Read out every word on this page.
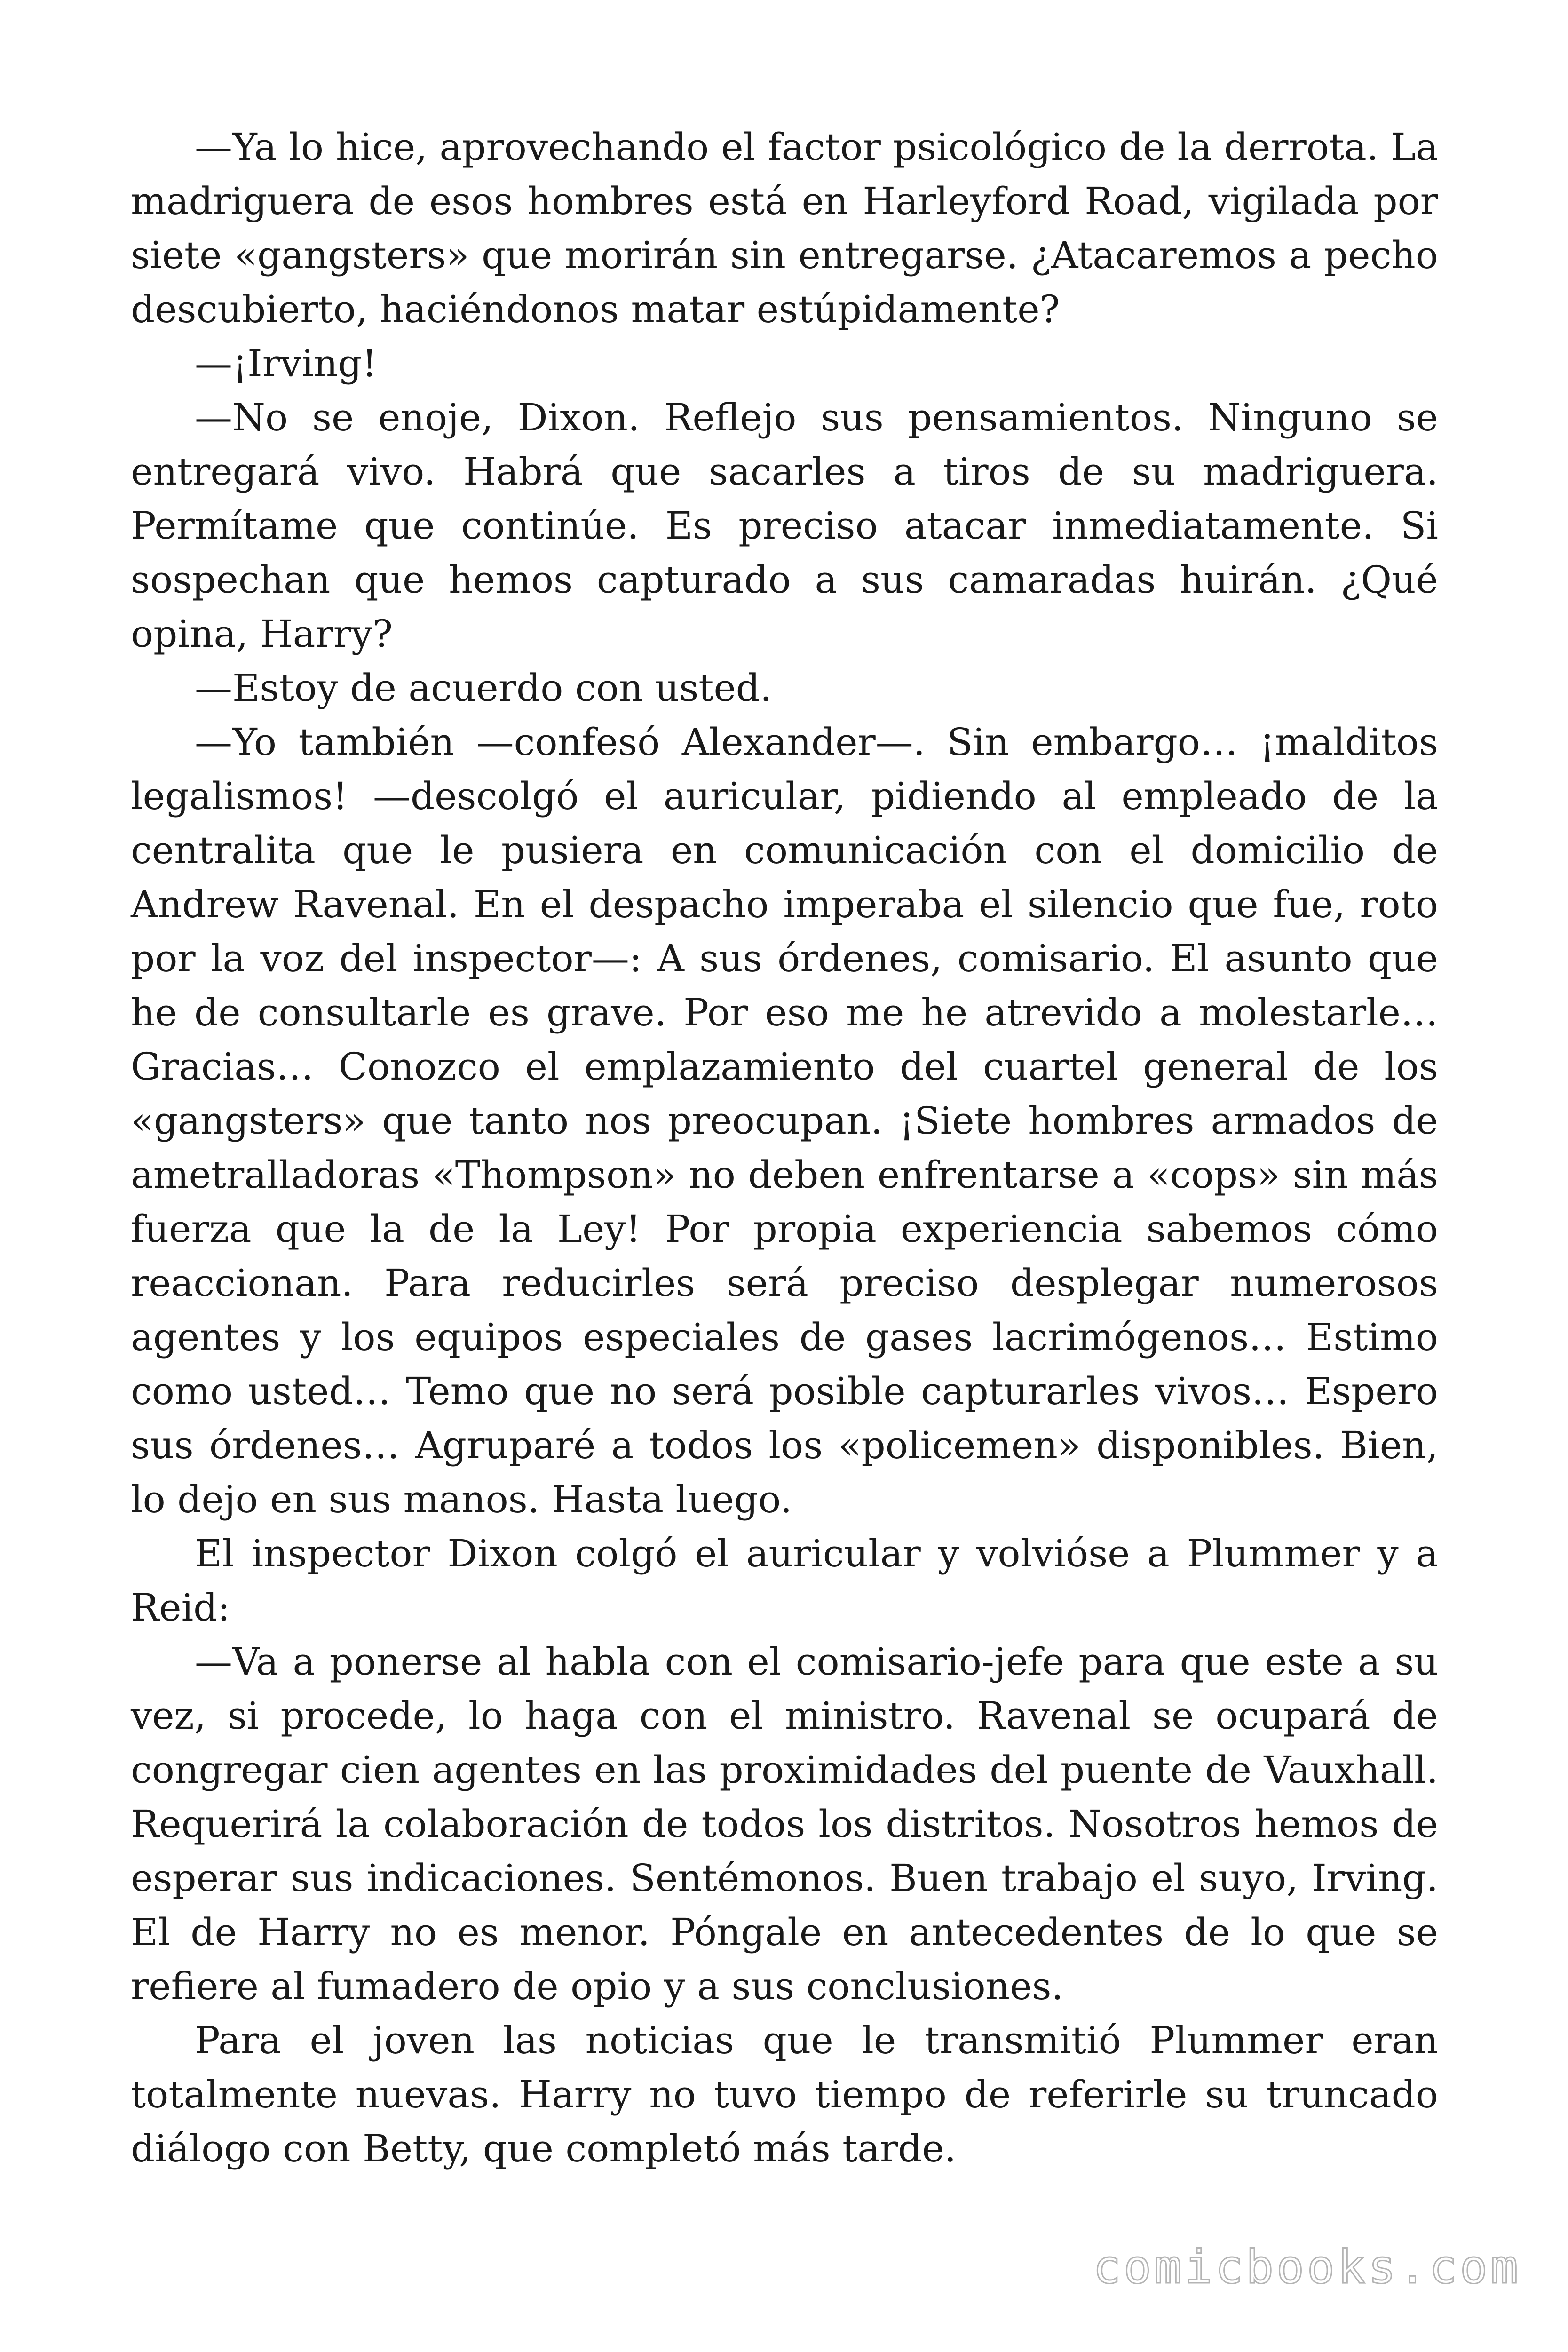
—Ya lo hice, aprovechando el factor psicológico de la derrota. La madriguera de esos hombres está en Harleyford Road, vigilada por siete «gangsters» que morirán sin entregarse. ¿Atacaremos a pecho descubierto, haciéndonos matar estúpidamente?

—¡Irving!

—No se enoje, Dixon. Reflejo sus pensamientos. Ninguno se entregará vivo. Habrá que sacarles a tiros de su madriguera. Permítame que continúe. Es preciso atacar inmediatamente. Si sospechan que hemos capturado a sus camaradas huirán. ¿Qué opina, Harry?

—Estoy de acuerdo con usted.

—Yo también —confesó Alexander—. Sin embargo… ¡malditos legalismos! —descolgó el auricular, pidiendo al empleado de la centralita que le pusiera en comunicación con el domicilio de Andrew Ravenal. En el despacho imperaba el silencio que fue, roto por la voz del inspector—: A sus órdenes, comisario. El asunto que he de consultarle es grave. Por eso me he atrevido a molestarle… Gracias… Conozco el emplazamiento del cuartel general de los «gangsters» que tanto nos preocupan. ¡Siete hombres armados de ametralladoras «Thompson» no deben enfrentarse a «cops» sin más fuerza que la de la Ley! Por propia experiencia sabemos cómo reaccionan. Para reducirles será preciso desplegar numerosos agentes y los equipos especiales de gases lacrimógenos… Estimo como usted… Temo que no será posible capturarles vivos… Espero sus órdenes… Agruparé a todos los «policemen» disponibles. Bien, lo dejo en sus manos. Hasta luego.

El inspector Dixon colgó el auricular y volvióse a Plummer y a Reid:

—Va a ponerse al habla con el comisario-jefe para que este a su vez, si procede, lo haga con el ministro. Ravenal se ocupará de congregar cien agentes en las proximidades del puente de Vauxhall. Requerirá la colaboración de todos los distritos. Nosotros hemos de esperar sus indicaciones. Sentémonos. Buen trabajo el suyo, Irving. El de Harry no es menor. Póngale en antecedentes de lo que se refiere al fumadero de opio y a sus conclusiones.

Para el joven las noticias que le transmitió Plummer eran totalmente nuevas. Harry no tuvo tiempo de referirle su truncado diálogo con Betty, que completó más tarde.

comicbooks.com
